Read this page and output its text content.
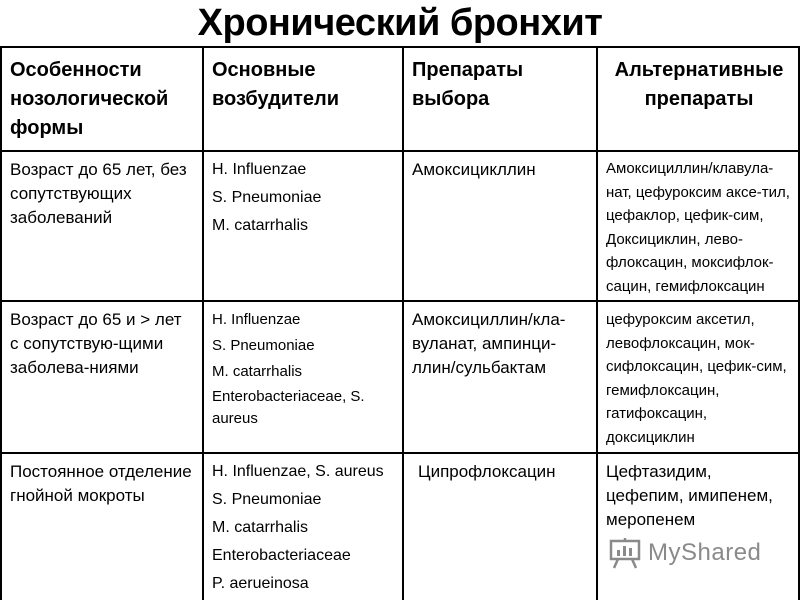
Хронический бронхит
Особенности нозологической формы
Основные возбудители
Препараты выбора
Альтернативные препараты
Возраст до 65 лет, без сопутствующих заболеваний
H. Influenzae
S. Pneumoniae
M. catarrhalis
Амоксицикллин	Амоксициллин/клавула-нат, цефуроксим аксе-тил, цефаклор, цефик-сим, Доксициклин, лево-флоксацин, моксифлок-сацин, гемифлоксацин
Возраст до 65 и > лет с сопутствую-щими заболева-ниями
H. Influenzae
S. Pneumoniae
M. catarrhalis
Enterobacteriaceae, S.
aureus
Амоксициллин/кла-вуланат, ампинци-ллин/сульбактам
цефуроксим аксетил, левофлоксацин, мок-сифлоксацин, цефик-сим, гемифлоксацин, гатифоксацин, доксициклин
Постоянное отделение гнойной мокроты
H. Influenzae, S. aureus
S. Pneumoniae
M. catarrhalis
Enterobacteriaceae
P. aerueinosa
Ципрофлоксацин	Цефтазидим, цефепим, имипенем, меропенем
MyShared
